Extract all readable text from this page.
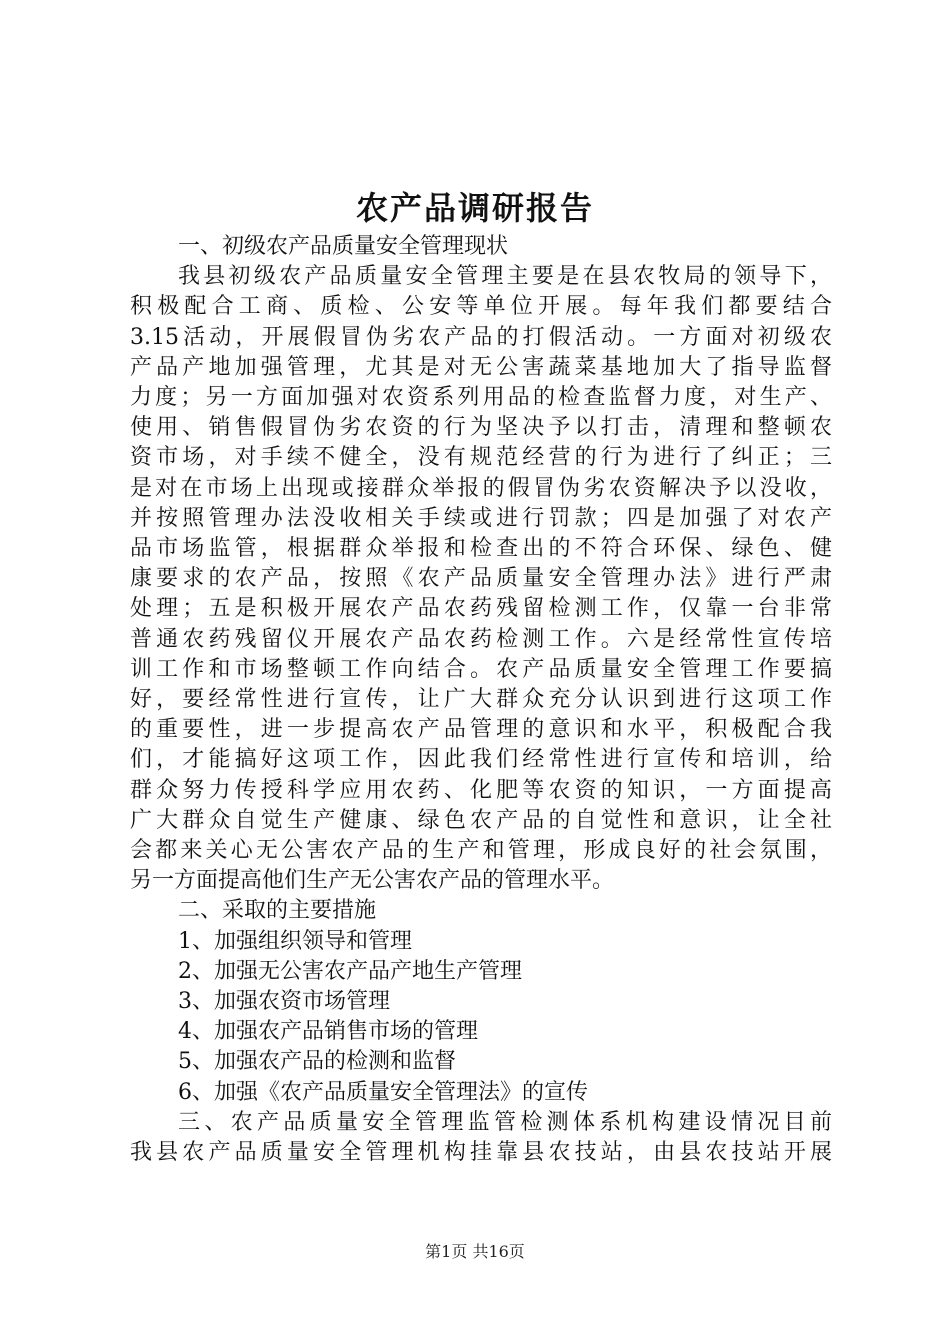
农产品调研报告

一、初级农产品质量安全管理现状

我县初级农产品质量安全管理主要是在县农牧局的领导下，

积极配合工商、质检、公安等单位开展。每年我们都要结合

3.15活动，开展假冒伪劣农产品的打假活动。一方面对初级农

产品产地加强管理，尤其是对无公害蔬菜基地加大了指导监督

力度；另一方面加强对农资系列用品的检查监督力度，对生产、

使用、销售假冒伪劣农资的行为坚决予以打击，清理和整顿农

资市场，对手续不健全，没有规范经营的行为进行了纠正；三

是对在市场上出现或接群众举报的假冒伪劣农资解决予以没收，

并按照管理办法没收相关手续或进行罚款；四是加强了对农产

品市场监管，根据群众举报和检查出的不符合环保、绿色、健

康要求的农产品，按照《农产品质量安全管理办法》进行严肃

处理；五是积极开展农产品农药残留检测工作，仅靠一台非常

普通农药残留仪开展农产品农药检测工作。六是经常性宣传培

训工作和市场整顿工作向结合。农产品质量安全管理工作要搞

好，要经常性进行宣传，让广大群众充分认识到进行这项工作

的重要性，进一步提高农产品管理的意识和水平，积极配合我

们，才能搞好这项工作，因此我们经常性进行宣传和培训，给

群众努力传授科学应用农药、化肥等农资的知识，一方面提高

广大群众自觉生产健康、绿色农产品的自觉性和意识，让全社

会都来关心无公害农产品的生产和管理，形成良好的社会氛围，

另一方面提高他们生产无公害农产品的管理水平。

二、采取的主要措施

1、加强组织领导和管理

2、加强无公害农产品产地生产管理

3、加强农资市场管理

4、加强农产品销售市场的管理

5、加强农产品的检测和监督

6、加强《农产品质量安全管理法》的宣传

三、农产品质量安全管理监管检测体系机构建设情况目前

我县农产品质量安全管理机构挂靠县农技站，由县农技站开展

第1页 共16页
